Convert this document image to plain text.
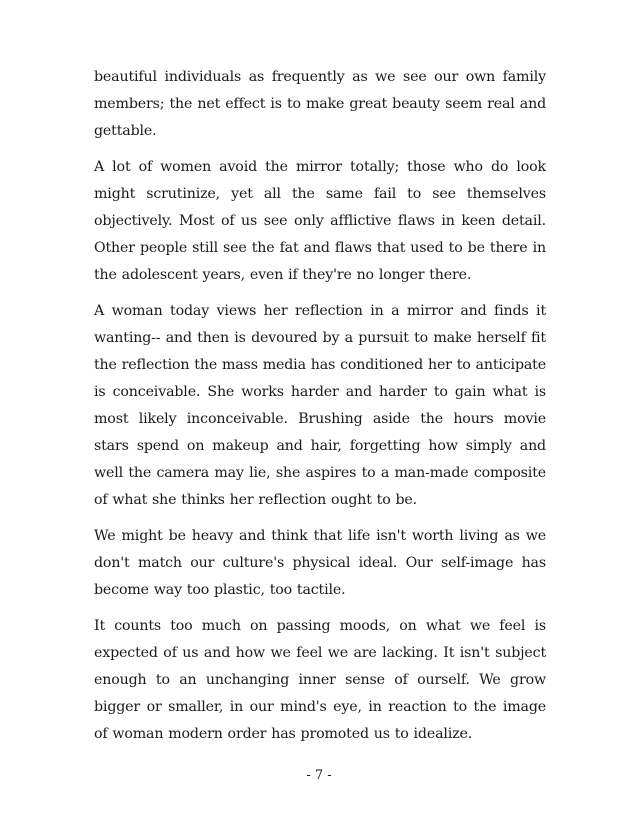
beautiful individuals as frequently as we see our own family members; the net effect is to make great beauty seem real and gettable.

A lot of women avoid the mirror totally; those who do look might scrutinize, yet all the same fail to see themselves objectively. Most of us see only afflictive flaws in keen detail. Other people still see the fat and flaws that used to be there in the adolescent years, even if they're no longer there.

A woman today views her reflection in a mirror and finds it wanting-- and then is devoured by a pursuit to make herself fit the reflection the mass media has conditioned her to anticipate is conceivable. She works harder and harder to gain what is most likely inconceivable. Brushing aside the hours movie stars spend on makeup and hair, forgetting how simply and well the camera may lie, she aspires to a man-made composite of what she thinks her reflection ought to be.

We might be heavy and think that life isn't worth living as we don't match our culture's physical ideal. Our self-image has become way too plastic, too tactile.

It counts too much on passing moods, on what we feel is expected of us and how we feel we are lacking. It isn't subject enough to an unchanging inner sense of ourself. We grow bigger or smaller, in our mind's eye, in reaction to the image of woman modern order has promoted us to idealize.

- 7 -
